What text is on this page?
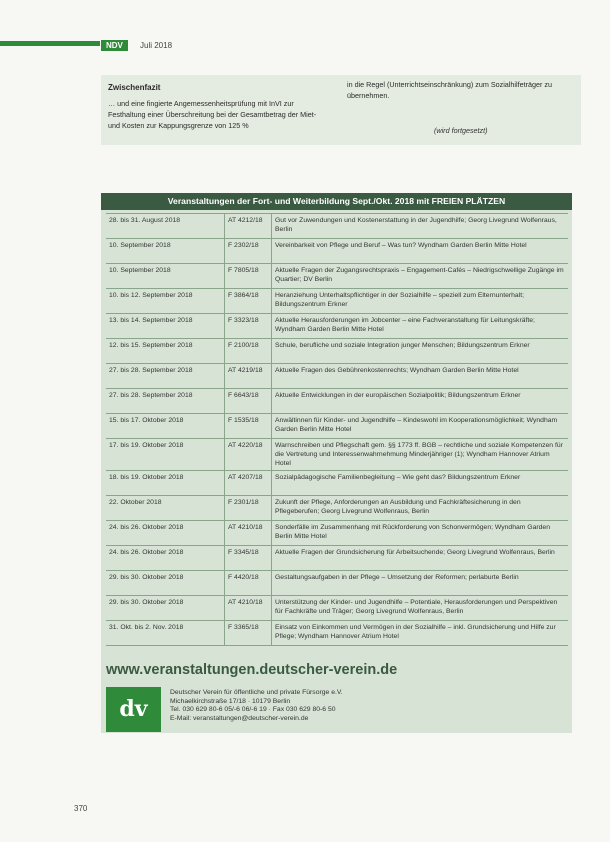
NDV	Juli 2018
Zwischenfazit
… und eine fingierte Angemessenheitsprüfung mit InVI zur Festhaltung einer Überschreitung bei der Gesamtbetrag der Miet- und Kosten zur Kappungsgrenze von 125 %
in die Regel (Unterrichtseinschränkung) zum Sozialhilfeträger zu übernehmen.
(wird fortgesetzt)
Veranstaltungen der Fort- und Weiterbildung Sept./Okt. 2018 mit FREIEN PLÄTZEN
28. bis 31. August 2018	AT 4212/18	Gut vor Zuwendungen und Kostenerstattung in der Jugendhilfe; Georg Livegrund Wolfenraus, Berlin
10. September 2018	F 2302/18	Vereinbarkeit von Pflege und Beruf – Was tun? Wyndham Garden Berlin Mitte Hotel
10. September 2018	F 7805/18	Aktuelle Fragen der Zugangsrechtspraxis – Engagement-Cafés – Niedrigschwellige Zugänge im Quartier; DV Berlin
10. bis 12. September 2018	F 3864/18	Heranziehung Unterhaltspflichtiger in der Sozialhilfe – speziell zum Elternunterhalt; Bildungszentrum Erkner
13. bis 14. September 2018	F 3323/18	Aktuelle Herausforderungen im Jobcenter – eine Fachveranstaltung für Leitungskräfte; Wyndham Garden Berlin Mitte Hotel
12. bis 15. September 2018	F 2100/18	Schule, berufliche und soziale Integration junger Menschen; Bildungszentrum Erkner
27. bis 28. September 2018	AT 4219/18	Aktuelle Fragen des Gebührenkostenrechts; Wyndham Garden Berlin Mitte Hotel
27. bis 28. September 2018	F 6643/18	Aktuelle Entwicklungen in der europäischen Sozialpolitik; Bildungszentrum Erkner
15. bis 17. Oktober 2018	F 1535/18	Anwältinnen für Kinder- und Jugendhilfe – Kindeswohl im Kooperationsmöglichkeit; Wyndham Garden Berlin Mitte Hotel
17. bis 19. Oktober 2018	AT 4220/18	Warnschreiben und Pflegschaft gem. §§ 1773 ff. BGB – rechtliche und soziale Kompetenzen für die Vertretung und Interessenwahrnehmung Minderjähriger (1); Wyndham Hannover Atrium Hotel
18. bis 19. Oktober 2018	AT 4207/18	Sozialpädagogische Familienbegleitung – Wie geht das? Bildungszentrum Erkner
22. Oktober 2018	F 2301/18	Zukunft der Pflege, Anforderungen an Ausbildung und Fachkräftesicherung in den Pflegeberufen; Georg Livegrund Wolfenraus, Berlin
24. bis 26. Oktober 2018	AT 4210/18	Sonderfälle im Zusammenhang mit Rückforderung von Schonvermögen; Wyndham Garden Berlin Mitte Hotel
24. bis 26. Oktober 2018	F 3345/18	Aktuelle Fragen der Grundsicherung für Arbeitsuchende; Georg Livegrund Wolfenraus, Berlin
29. bis 30. Oktober 2018	F 4420/18	Gestaltungsaufgaben in der Pflege – Umsetzung der Reformen; perlaburte Berlin
29. bis 30. Oktober 2018	AT 4210/18	Unterstützung der Kinder- und Jugendhilfe – Potentiale, Herausforderungen und Perspektiven für Fachkräfte und Träger; Georg Livegrund Wolfenraus, Berlin
31. Okt. bis 2. Nov. 2018	F 3365/18	Einsatz von Einkommen und Vermögen in der Sozialhilfe – inkl. Grundsicherung und Hilfe zur Pflege; Wyndham Hannover Atrium Hotel
www.veranstaltungen.deutscher-verein.de
dv
Deutscher Verein für öffentliche und private Fürsorge e.V.
Michaelkirchstraße 17/18 · 10179 Berlin
Tel. 030 629 80-6 05/-6 06/-6 19 · Fax 030 629 80-6 50
E-Mail: veranstaltungen@deutscher-verein.de
370
